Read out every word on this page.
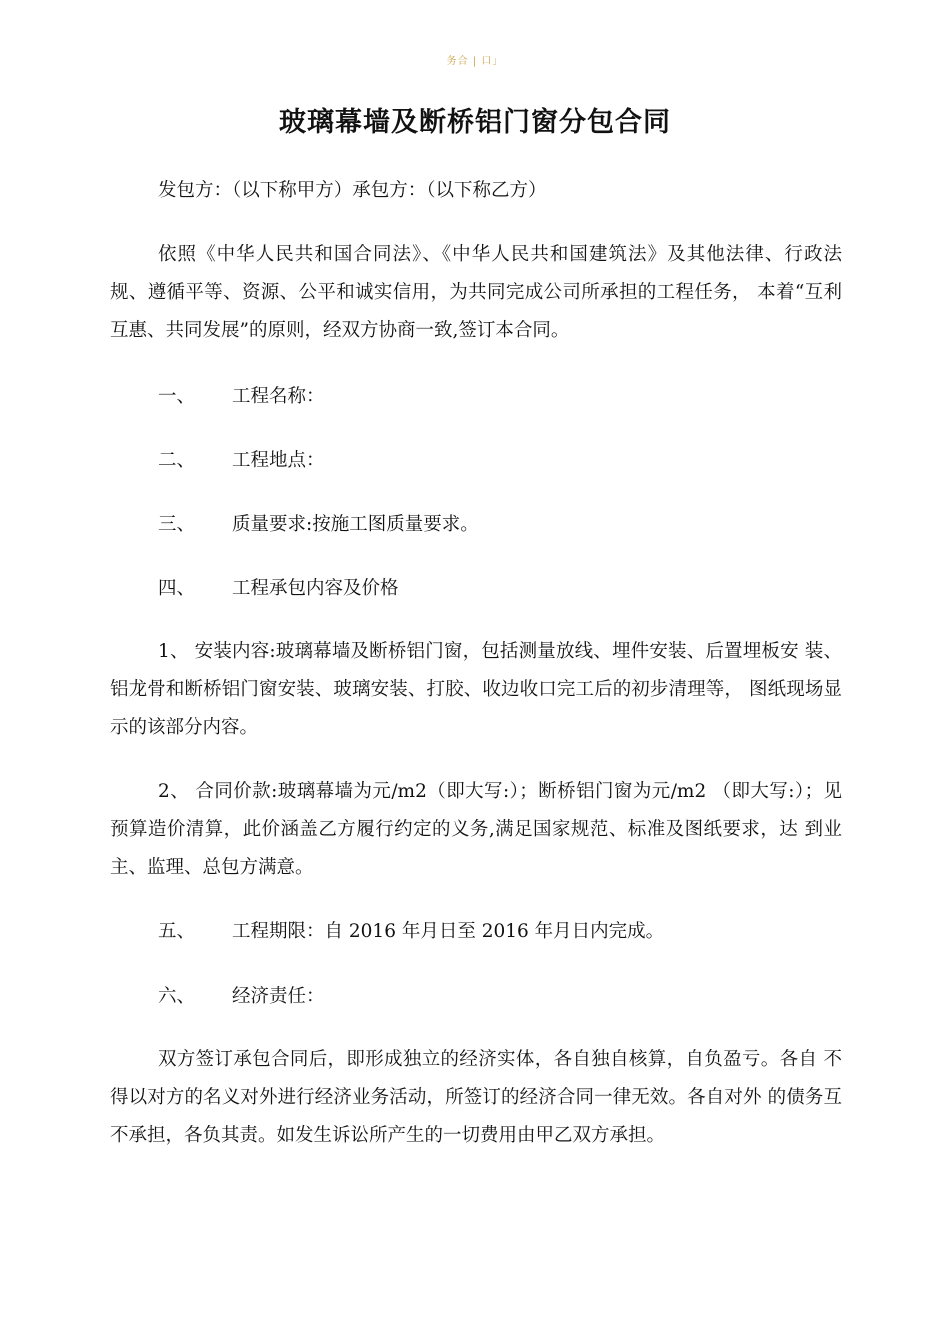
务合 | 口」
玻璃幕墙及断桥铝门窗分包合同

发包方：（以下称甲方）承包方：（以下称乙方）

依照《中华人民共和国合同法》、《中华人民共和国建筑法》及其他法律、行政法规、遵循平等、资源、公平和诚实信用，为共同完成公司所承担的工程任务， 本着“互利互惠、共同发展”的原则，经双方协商一致,签订本合同。

一、 工程名称：
二、 工程地点：
三、 质量要求:按施工图质量要求。
四、 工程承包内容及价格

1、 安装内容:玻璃幕墙及断桥铝门窗，包括测量放线、埋件安装、后置埋板安 装、铝龙骨和断桥铝门窗安装、玻璃安装、打胶、收边收口完工后的初步清理等， 图纸现场显示的该部分内容。

2、 合同价款:玻璃幕墙为元/m2（即大写:）；断桥铝门窗为元/m2 （即大写:）；见 预算造价清算，此价涵盖乙方履行约定的义务,满足国家规范、标准及图纸要求，达 到业主、监理、总包方满意。

五、 工程期限：自 2016 年月日至 2016 年月日内完成。
六、 经济责任：

双方签订承包合同后，即形成独立的经济实体，各自独自核算，自负盈亏。各自 不得以对方的名义对外进行经济业务活动，所签订的经济合同一律无效。各自对外 的债务互不承担，各负其责。如发生诉讼所产生的一切费用由甲乙双方承担。
